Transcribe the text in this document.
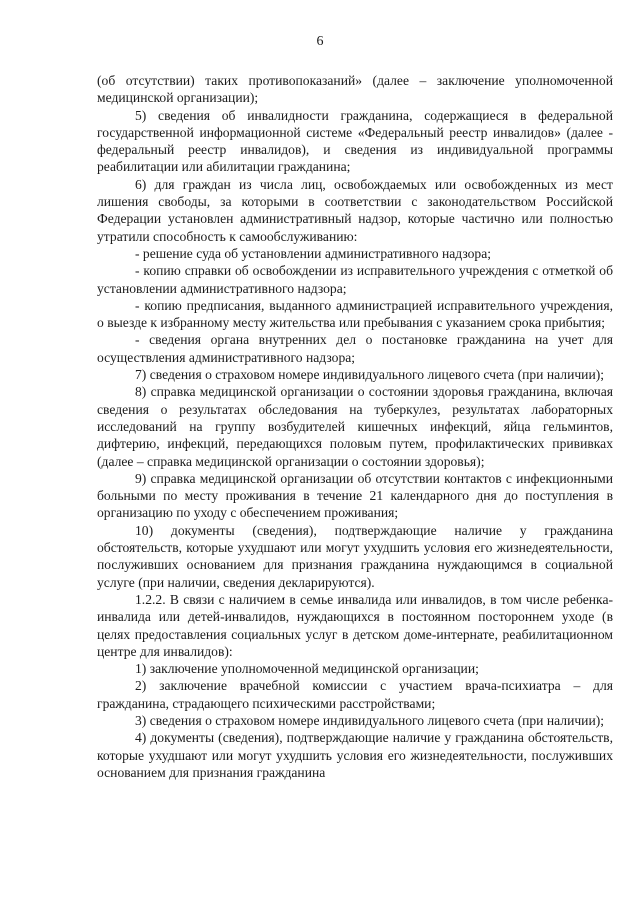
6

(об отсутствии) таких противопоказаний» (далее – заключение уполномоченной медицинской организации);

5) сведения об инвалидности гражданина, содержащиеся в федеральной государственной информационной системе «Федеральный реестр инвалидов» (далее - федеральный реестр инвалидов), и сведения из индивидуальной программы реабилитации или абилитации гражданина;

6) для граждан из числа лиц, освобождаемых или освобожденных из мест лишения свободы, за которыми в соответствии с законодательством Российской Федерации установлен административный надзор, которые частично или полностью утратили способность к самообслуживанию:

- решение суда об установлении административного надзора;

- копию справки об освобождении из исправительного учреждения с отметкой об установлении административного надзора;

- копию предписания, выданного администрацией исправительного учреждения, о выезде к избранному месту жительства или пребывания с указанием срока прибытия;

- сведения органа внутренних дел о постановке гражданина на учет для осуществления административного надзора;

7) сведения о страховом номере индивидуального лицевого счета (при наличии);

8) справка медицинской организации о состоянии здоровья гражданина, включая сведения о результатах обследования на туберкулез, результатах лабораторных исследований на группу возбудителей кишечных инфекций, яйца гельминтов, дифтерию, инфекций, передающихся половым путем, профилактических прививках (далее – справка медицинской организации о состоянии здоровья);

9) справка медицинской организации об отсутствии контактов с инфекционными больными по месту проживания в течение 21 календарного дня до поступления в организацию по уходу с обеспечением проживания;

10) документы (сведения), подтверждающие наличие у гражданина обстоятельств, которые ухудшают или могут ухудшить условия его жизнедеятельности, послуживших основанием для признания гражданина нуждающимся в социальной услуге (при наличии, сведения декларируются).

1.2.2. В связи с наличием в семье инвалида или инвалидов, в том числе ребенка-инвалида или детей-инвалидов, нуждающихся в постоянном постороннем уходе (в целях предоставления социальных услуг в детском доме-интернате, реабилитационном центре для инвалидов):

1) заключение уполномоченной медицинской организации;

2) заключение врачебной комиссии с участием врача-психиатра – для гражданина, страдающего психическими расстройствами;

3) сведения о страховом номере индивидуального лицевого счета (при наличии);

4) документы (сведения), подтверждающие наличие у гражданина обстоятельств, которые ухудшают или могут ухудшить условия его жизнедеятельности, послуживших основанием для признания гражданина
